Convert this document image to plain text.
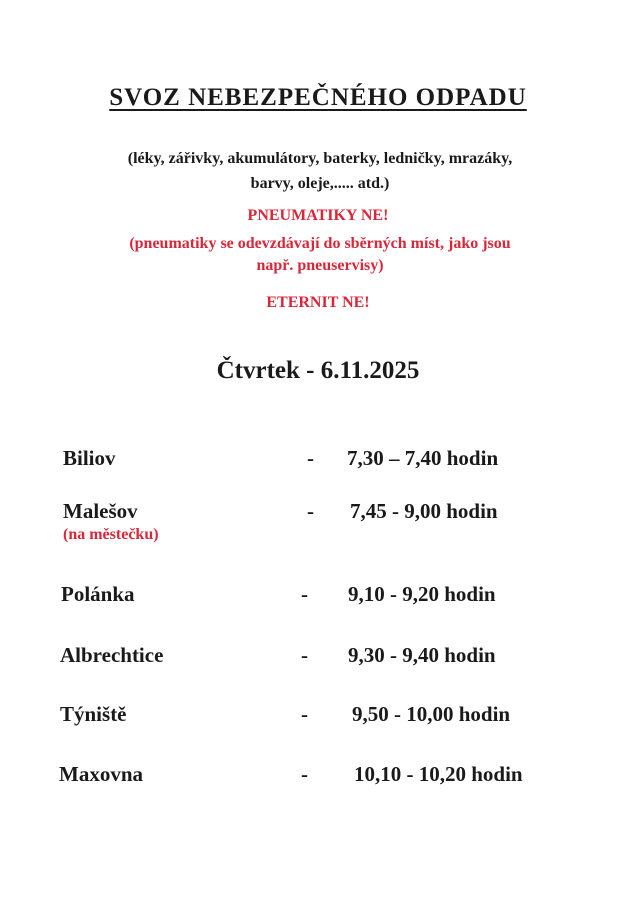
SVOZ NEBEZPEČNÉHO ODPADU
(léky, zářivky, akumulátory, baterky, ledničky, mrazáky,
barvy, oleje,..... atd.)
PNEUMATIKY NE!
(pneumatiky se odevzdávají do sběrných míst, jako jsou
např. pneuservisy)
ETERNIT NE!
Čtvrtek - 6.11.2025
Biliov	- 7,30 – 7,40 hodin
Malešov	- 7,45 - 9,00 hodin
(na městečku)
Polánka	- 9,10 - 9,20 hodin
Albrechtice	- 9,30 - 9,40 hodin
Týniště	- 9,50 - 10,00 hodin
Maxovna	- 10,10 - 10,20 hodin
